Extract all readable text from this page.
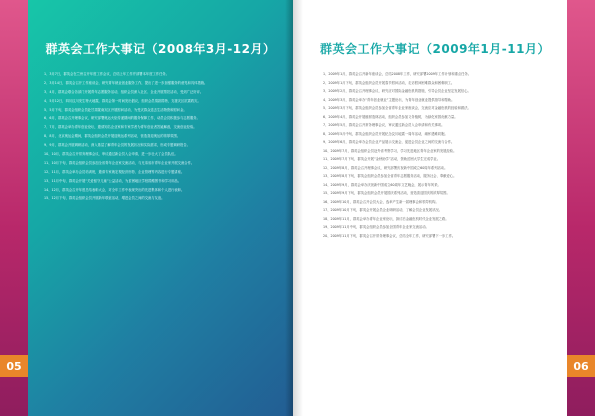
05
群英会工作大事记（2008年3月-12月）

1、3月7日，群英会在兰州召开年度工作会议，总结上年工作并部署本年度工作任务。

2、3月14日，群英会召开工作座谈会，研究青年就业创业服务工作，提出了进一步加强服务的意见和具体措施。

3、4月，群英会联合各部门开展青年志愿服务活动，组织会员深入社区、企业开展帮扶活动，受到广泛好评。

4、5月12日，四川汶川发生特大地震，群英会第一时间发出倡议，组织会员捐款捐物，支援灾区抗震救灾。

5、5月下旬，群英会组织会员赴甘肃陇南灾区开展慰问活动，为受灾群众送去生活物资和慰问金。

6、6月，群英会召开理事会议，研究部署奥运火炬传递期间的服务保障工作，动员会员积极参与志愿服务。

7、7月，群英会举办青年创业论坛，邀请知名企业家和专家学者为青年创业者答疑解惑，交流创业经验。

8、8月，北京奥运会期间，群英会组织会员开展迎奥运系列活动，营造喜迎奥运的浓厚氛围。

9、9月，群英会开展调研活动，深入基层了解青年会员的发展状况和实际需求，形成专题调研报告。

10、10月，群英会召开常务理事会议，审议通过新会员入会申请，进一步壮大了会员队伍。

11、10月下旬，群英会组织会员参加全省青年企业家交流活动，与兄弟省市青年企业家开展交流合作。

12、11月，群英会举办会员培训班，邀请专家就宏观经济形势、企业管理等内容进行专题讲座。

13、11月中旬，群英会开展“关爱留守儿童”公益活动，为贫困地区学校捐赠图书和学习用品。

14、12月，群英会召开年度总结表彰大会，对全年工作中表现突出的先进集体和个人进行表彰。

15、12月下旬，群英会组织会员开展新年联谊活动，增进会员之间的交流与友谊。

群英会工作大事记（2009年1月-11月）

1、2009年1月，群英会召开新年座谈会，总结2008年工作，研究部署2009年工作计划和重点任务。

2、2009年1月下旬，群英会组织会员开展春节慰问活动，走访慰问困难群众和困难职工。

3、2009年2月，群英会召开理事会议，研究应对国际金融危机的措施，引导会员企业坚定发展信心。

4、2009年3月，群英会举办“青年创业就业”主题论坛，为青年创业就业提供指导和帮助。

5、2009年3月下旬，群英会组织会员参加全省青年企业家座谈会，交流应对金融危机的经验和做法。

6、2009年4月，群英会开展植树造林活动，组织会员参加义务植树，为绿化家园贡献力量。

7、2009年5月，群英会召开常务理事会议，审议通过新会员入会申请和有关事项。

8、2009年5月中旬，群英会组织会员开展纪念汶川地震一周年活动，缅怀遇难同胞。

9、2009年6月，群英会举办会员企业产品展示交流会，促进会员企业之间的交流与合作。

10、2009年7月，群英会组织会员赴外省考察学习，学习先进地区青年企业家的发展经验。

11、2009年7月下旬，群英会开展“金秋助学”活动，资助贫困大学生完成学业。

12、2009年8月，群英会召开理事会议，研究部署庆祝新中国成立60周年系列活动。

13、2009年8月下旬，群英会组织会员参加全省青年志愿服务活动，服务社会、奉献爱心。

14、2009年9月，群英会举办庆祝新中国成立60周年文艺晚会，展示青年风采。

15、2009年9月下旬，群英会组织会员开展国庆系列活动，营造喜迎国庆的浓厚氛围。

16、2009年10月，群英会召开会员大会，选举产生新一届理事会和领导机构。

17、2009年10月下旬，群英会开展会员企业调研活动，了解会员企业发展状况。

18、2009年11月，群英会举办青年企业家论坛，探讨后金融危机时代企业发展之路。

19、2009年11月中旬，群英会组织会员参加全国青年企业家交流活动。

20、2009年11月下旬，群英会召开常务理事会议，总结全年工作，研究部署下一步工作。

06
